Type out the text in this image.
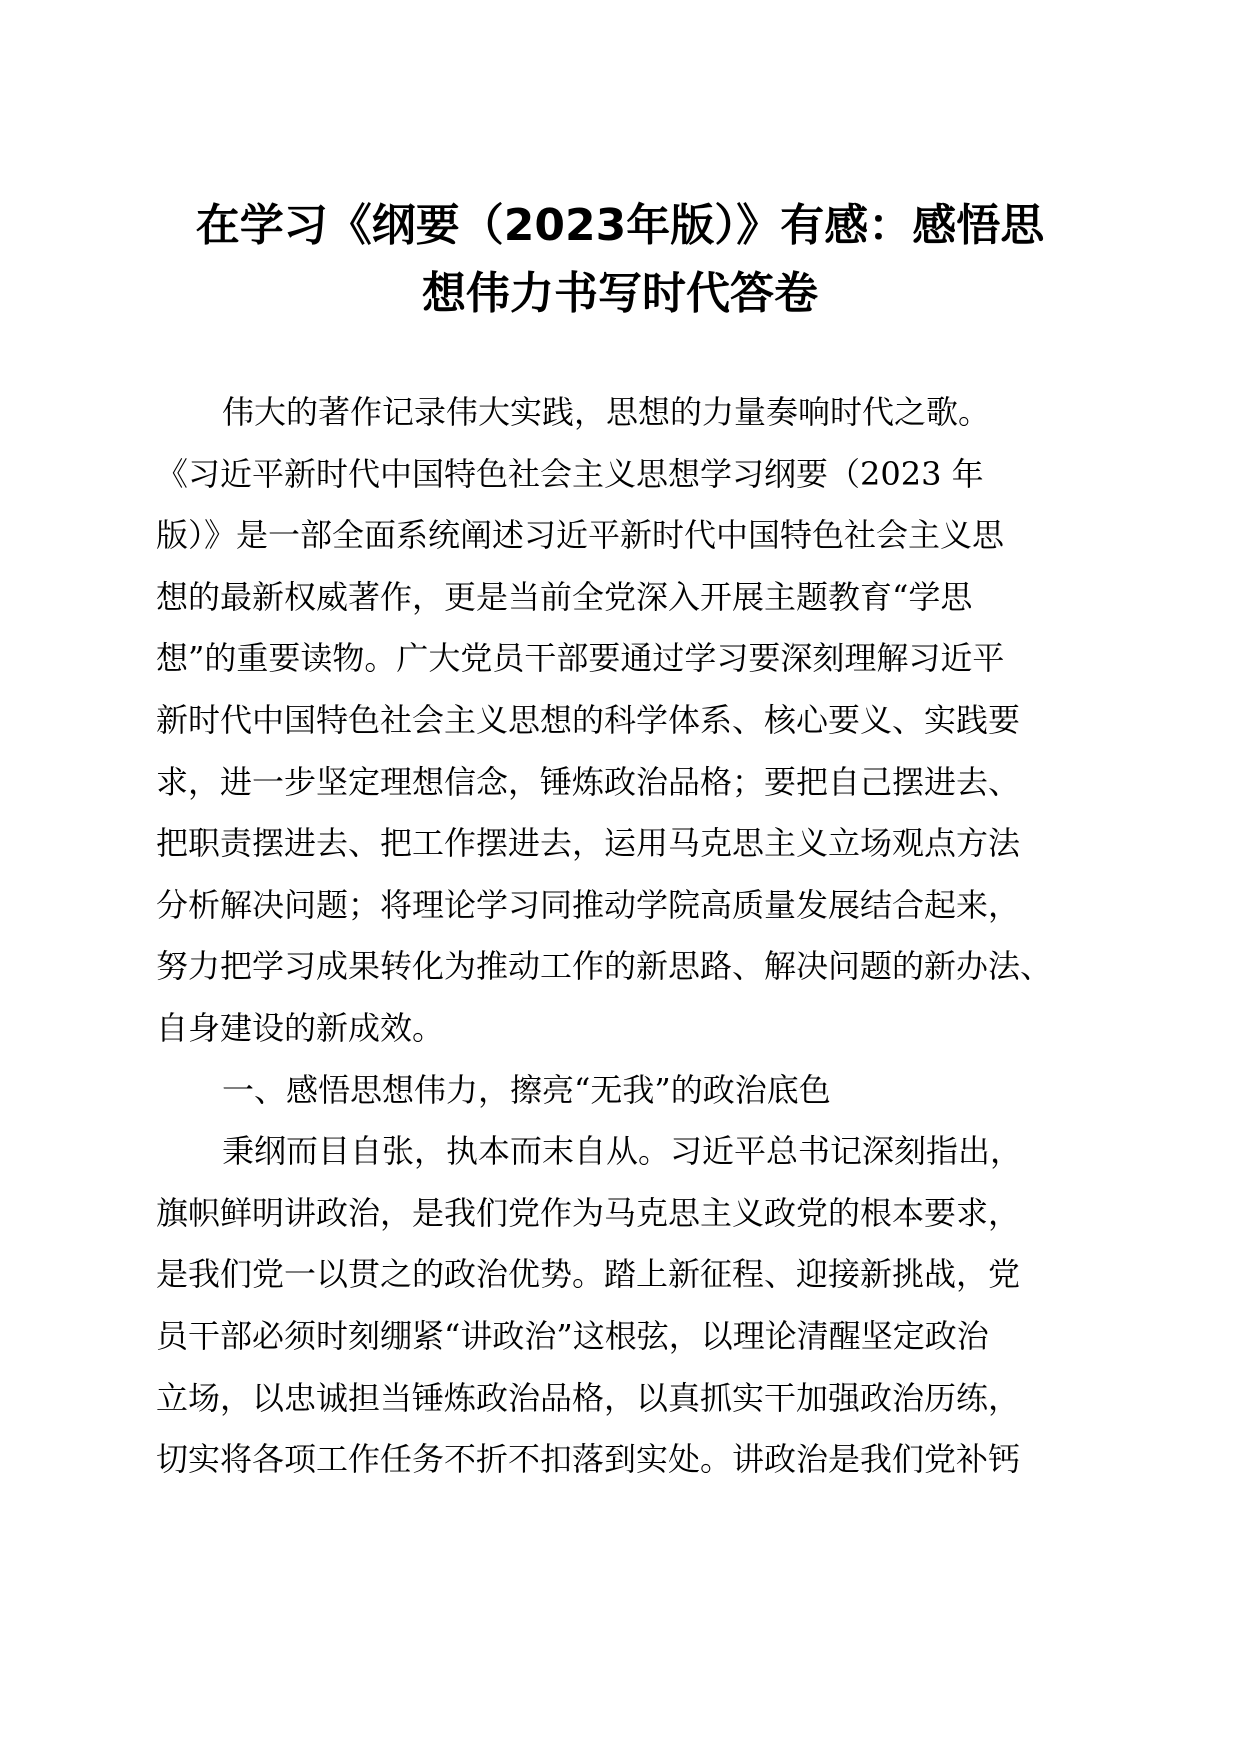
在学习《纲要（2023年版）》有感：感悟思
想伟力书写时代答卷

伟大的著作记录伟大实践，思想的力量奏响时代之歌。
《习近平新时代中国特色社会主义思想学习纲要（2023 年
版）》是一部全面系统阐述习近平新时代中国特色社会主义思
想的最新权威著作，更是当前全党深入开展主题教育“学思
想”的重要读物。广大党员干部要通过学习要深刻理解习近平
新时代中国特色社会主义思想的科学体系、核心要义、实践要
求，进一步坚定理想信念，锤炼政治品格；要把自己摆进去、
把职责摆进去、把工作摆进去，运用马克思主义立场观点方法
分析解决问题；将理论学习同推动学院高质量发展结合起来，
努力把学习成果转化为推动工作的新思路、解决问题的新办法、
自身建设的新成效。

一、感悟思想伟力，擦亮“无我”的政治底色

秉纲而目自张，执本而末自从。习近平总书记深刻指出，
旗帜鲜明讲政治，是我们党作为马克思主义政党的根本要求，
是我们党一以贯之的政治优势。踏上新征程、迎接新挑战，党
员干部必须时刻绷紧“讲政治”这根弦，以理论清醒坚定政治
立场，以忠诚担当锤炼政治品格，以真抓实干加强政治历练，
切实将各项工作任务不折不扣落到实处。讲政治是我们党补钙
